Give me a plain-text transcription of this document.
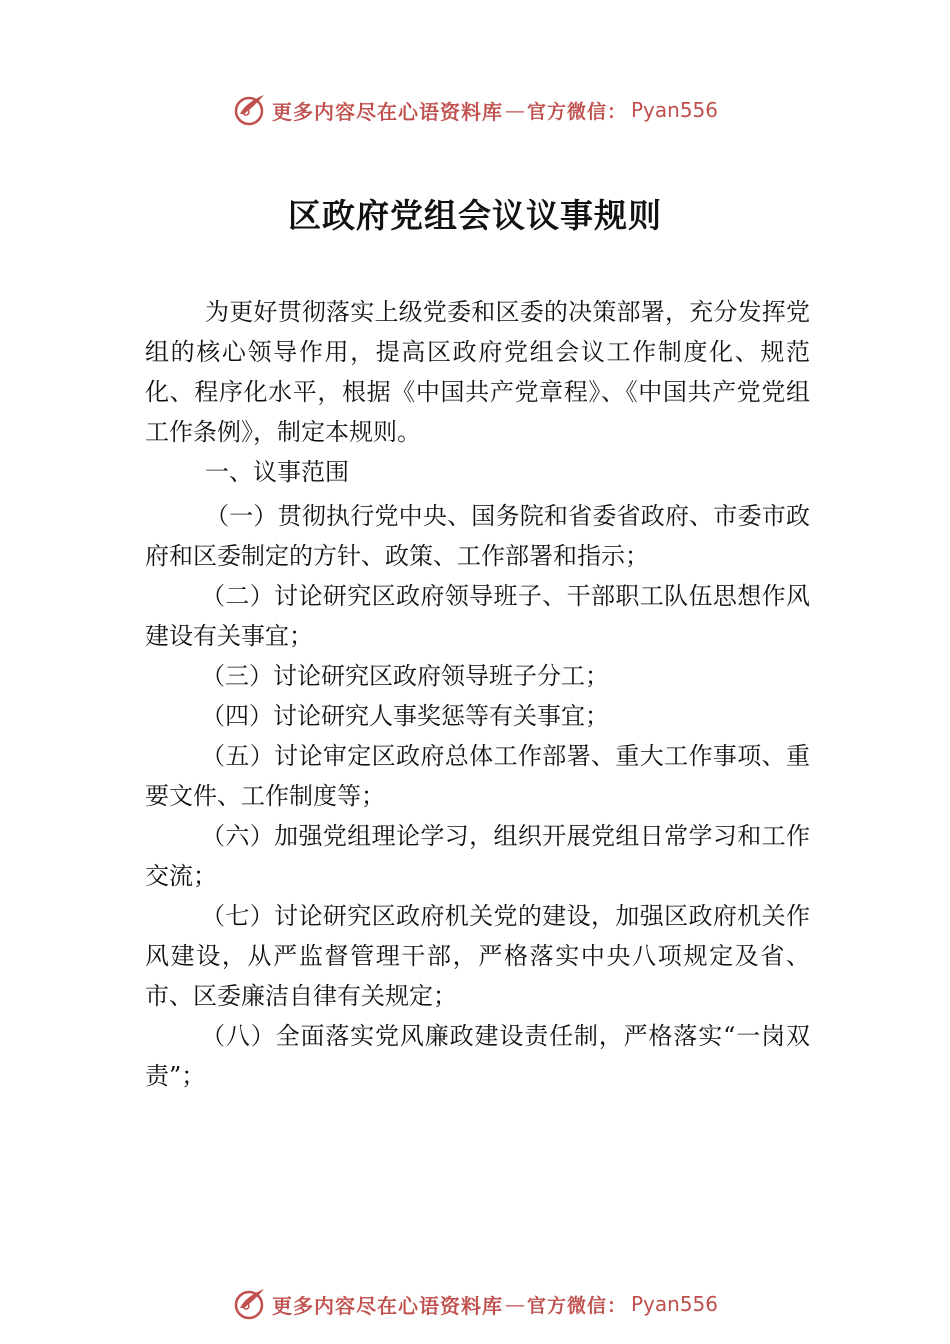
更多内容尽在心语资料库 — 官方微信： Pyan556
区政府党组会议议事规则

为更好贯彻落实上级党委和区委的决策部署，充分发挥党组的核心领导作用，提高区政府党组会议工作制度化、规范化、程序化水平，根据《中国共产党章程》、《中国共产党党组工作条例》，制定本规则。

一、议事范围

（一）贯彻执行党中央、国务院和省委省政府、市委市政府和区委制定的方针、政策、工作部署和指示；

（二）讨论研究区政府领导班子、干部职工队伍思想作风建设有关事宜；

（三）讨论研究区政府领导班子分工；

（四）讨论研究人事奖惩等有关事宜；

（五）讨论审定区政府总体工作部署、重大工作事项、重要文件、工作制度等；

（六）加强党组理论学习，组织开展党组日常学习和工作交流；

（七）讨论研究区政府机关党的建设，加强区政府机关作风建设，从严监督管理干部，严格落实中央八项规定及省、市、区委廉洁自律有关规定；

（八）全面落实党风廉政建设责任制，严格落实“一岗双责”；

更多内容尽在心语资料库 — 官方微信： Pyan556
